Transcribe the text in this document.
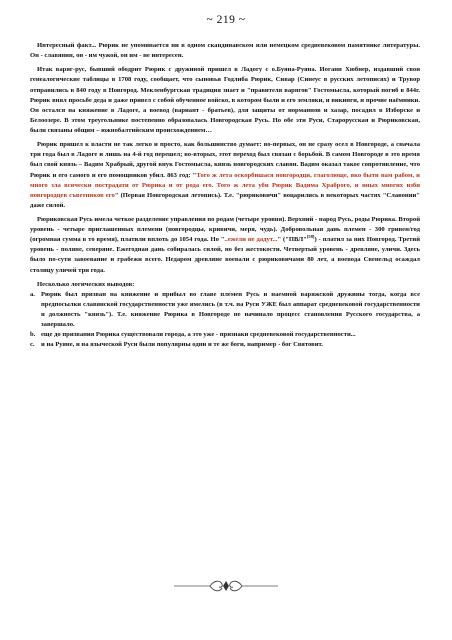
~ 219 ~

Интересный факт... Рюрик не упоминается ни в одном скандинавском или немецком средневековом памятнике литературы. Он - славянин, он - им чужой, он им - не интересен.

Итак варяг-рус, бывший ободрит Рюрик с дружиной пришел в Ладогу с о.Буяна-Руяна. Иоганн Хюбнер, издавший свои генеалогические таблицы в 1708 году, сообщает, что сыновья Годлиба Рюрик, Сивар (Синеус в русских летописях) и Трувор отправились в 840 году в Новгород. Мекленбургская традиция знает и "правителя варягов" Гостомысла, который погиб в 844г. Рюрик внял просьбе деда и даже привел с собой обученное войско, в котором были и его земляки, и викинги, и прочие наёмники. Он остался на княжение в Ладоге, а воевод (вариант - братьев), для защиты от норманнов и хазар, посадил в Изборске и Белоозере. В этом треугольнике постепенно образовалась Новгородская Русь. Но обе эти Руси, Старорусская и Рюриковская, были связаны общим – южнобалтийским происхождением…

Рюрик пришел к власти не так легко и просто, как большинство думает: во-первых, он не сразу осел в Новгороде, а сначала три года был в Ладоге и лишь на 4-й год перешел; во-вторых, этот переход был связан с борьбой. В самом Новгороде в это время был свой князь – Вадим Храбрый, другой внук Гостомысла, князь новгородских славян. Вадим оказал такое сопротивление, что Рюрик и его самого и его помощников убил. 863 год: "Того ж лета оскорбишася новгородци, глаголюще, яко быти нам рабом, и много зла всячески пострадати от Рюрика и от рода его. Того ж лета уби Рюрик Вадима Храброго, и иных многих изби новгородцев съветников его" (Первая Новгородская летопись). Т.е. "рюриковичи" воцарились в некоторых частях "Славонии" даже силой.

Рюриковская Русь имела четкое разделение управления по родам (четыре уровня). Верхний - народ Русь, роды Рюрика. Второй уровень - четыре приглашенных племени (новгородцы, кривичи, меря, чудь). Добровольная дань племен - 300 гривен/год (огромная сумма в то время), платили вплоть до 1054 года. Но "..ежели не дадут..." ("ПВЛ"[58]) - платил за них Новгород. Третий уровень - поляне, северяне. Ежегодная дань собиралась силой, но без жестокости. Четвертый уровень - древляне, уличи. Здесь было по-сути завоевание и грабежи всего. Недаром древляне воевали с рюриковичами 80 лет, а воевода Свенельд осаждал столицу уличей три года.

Несколько логических выводов:

a. Рюрик был призван на княжение и прибыл во главе племен Русь и наемной варяжской дружины тогда, когда все предпосылки славянской государственности уже имелись (в т.ч. на Руси УЖЕ был аппарат средневековой государственности и должность "князь"). Т.е. княжение Рюрика в Новгороде не начинало процесс становления Русского государства, а завершало.
b. еще до призвания Рюрика существовали города, а это уже - признаки средневековой государственности...
c. и на Руяне, и на языческой Руси были популярны одни и те же боги, например - бог Святовит.
